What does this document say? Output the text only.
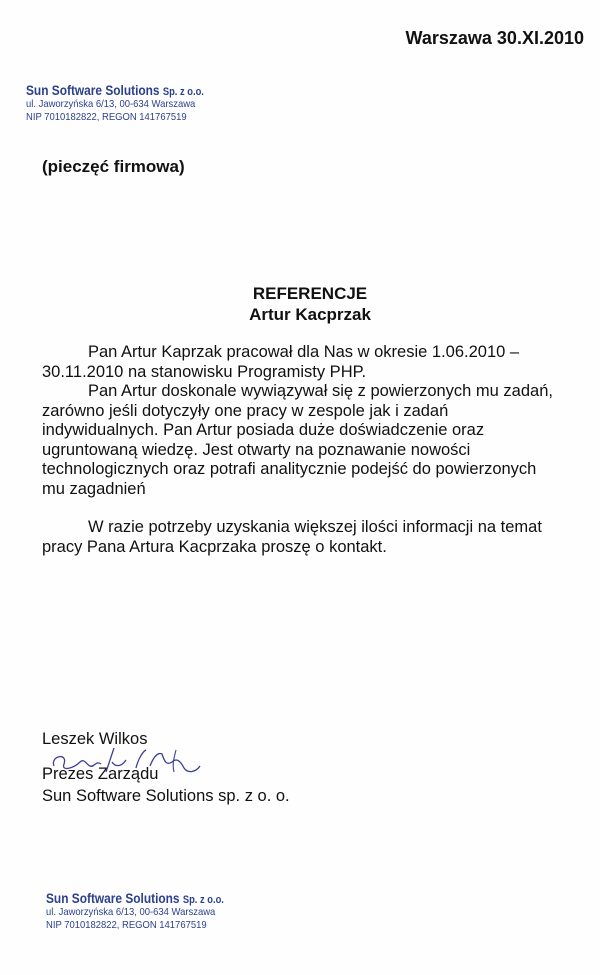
Warszawa 30.XI.2010
Sun Software Solutions Sp. z o.o.
ul. Jaworzyńska 6/13, 00-634 Warszawa
NIP 7010182822, REGON 141767519
(pieczęć firmowa)
REFERENCJE
Artur Kacprzak

Pan Artur Kaprzak pracował dla Nas w okresie 1.06.2010 – 30.11.2010 na stanowisku Programisty PHP.

Pan Artur doskonale wywiązywał się z powierzonych mu zadań, zarówno jeśli dotyczyły one pracy w zespole jak i zadań indywidualnych. Pan Artur posiada duże doświadczenie oraz ugruntowaną wiedzę. Jest otwarty na poznawanie nowości technologicznych oraz potrafi analitycznie podejść do powierzonych mu zagadnień

W razie potrzeby uzyskania większej ilości informacji na temat pracy Pana Artura Kacprzaka proszę o kontakt.

Leszek Wilkos
Prezes Zarządu
Sun Software Solutions sp. z o. o.
Sun Software Solutions Sp. z o.o.
ul. Jaworzyńska 6/13, 00-634 Warszawa
NIP 7010182822, REGON 141767519
